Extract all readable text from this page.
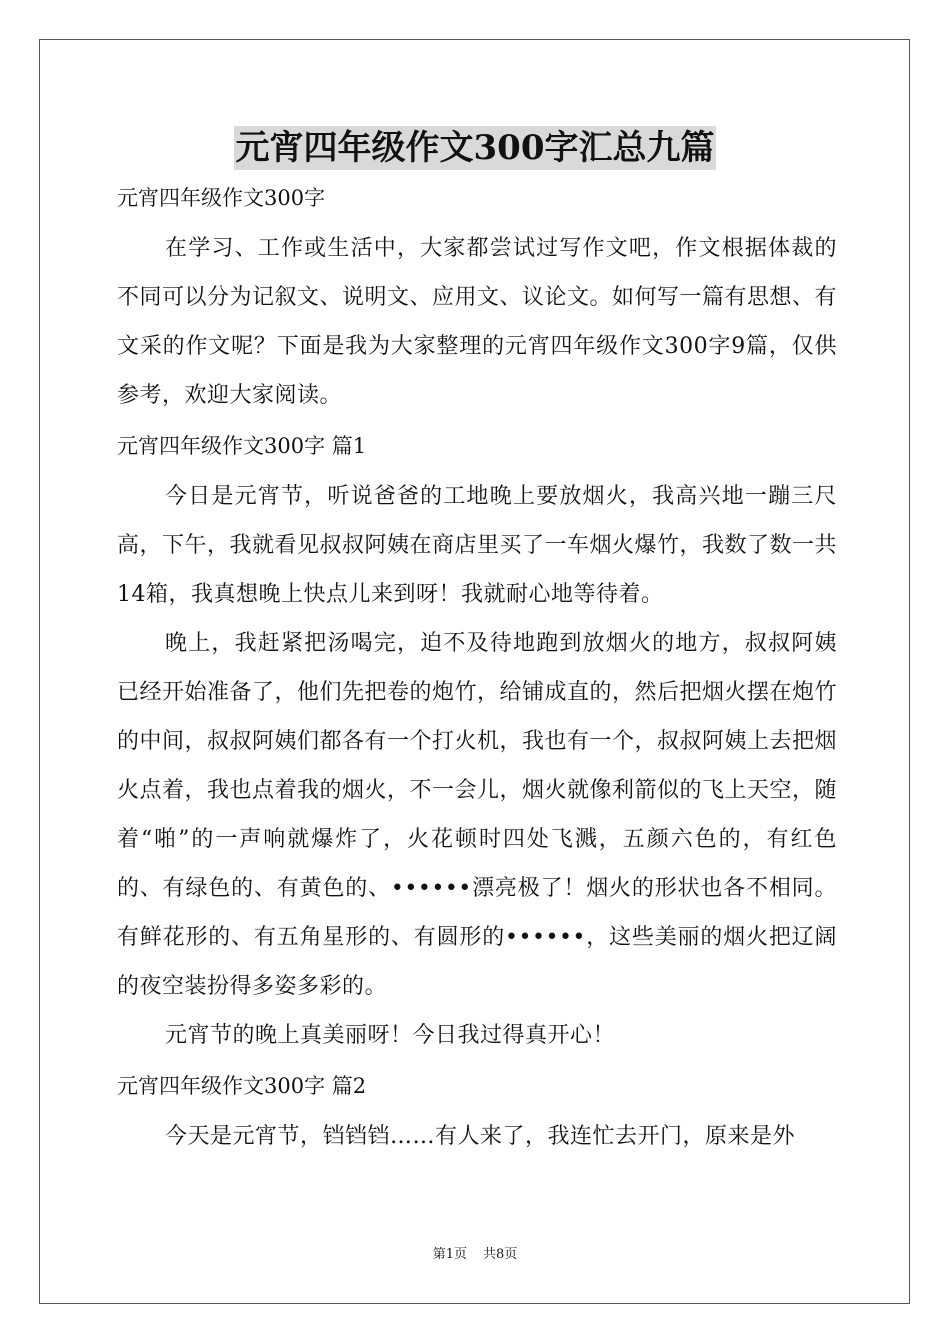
元宵四年级作文300字汇总九篇

元宵四年级作文300字

在学习、工作或生活中，大家都尝试过写作文吧，作文根据体裁的不同可以分为记叙文、说明文、应用文、议论文。如何写一篇有思想、有文采的作文呢？下面是我为大家整理的元宵四年级作文300字9篇，仅供参考，欢迎大家阅读。

元宵四年级作文300字 篇1

今日是元宵节，听说爸爸的工地晚上要放烟火，我高兴地一蹦三尺高，下午，我就看见叔叔阿姨在商店里买了一车烟火爆竹，我数了数一共14箱，我真想晚上快点儿来到呀！我就耐心地等待着。

晚上，我赶紧把汤喝完，迫不及待地跑到放烟火的地方，叔叔阿姨已经开始准备了，他们先把卷的炮竹，给铺成直的，然后把烟火摆在炮竹的中间，叔叔阿姨们都各有一个打火机，我也有一个，叔叔阿姨上去把烟火点着，我也点着我的烟火，不一会儿，烟火就像利箭似的飞上天空，随着“啪”的一声响就爆炸了，火花顿时四处飞溅，五颜六色的，有红色的、有绿色的、有黄色的、••••••漂亮极了！烟火的形状也各不相同。有鲜花形的、有五角星形的、有圆形的••••••，这些美丽的烟火把辽阔的夜空装扮得多姿多彩的。

元宵节的晚上真美丽呀！今日我过得真开心！

元宵四年级作文300字 篇2

今天是元宵节，铛铛铛……有人来了，我连忙去开门，原来是外

第1页 共8页
